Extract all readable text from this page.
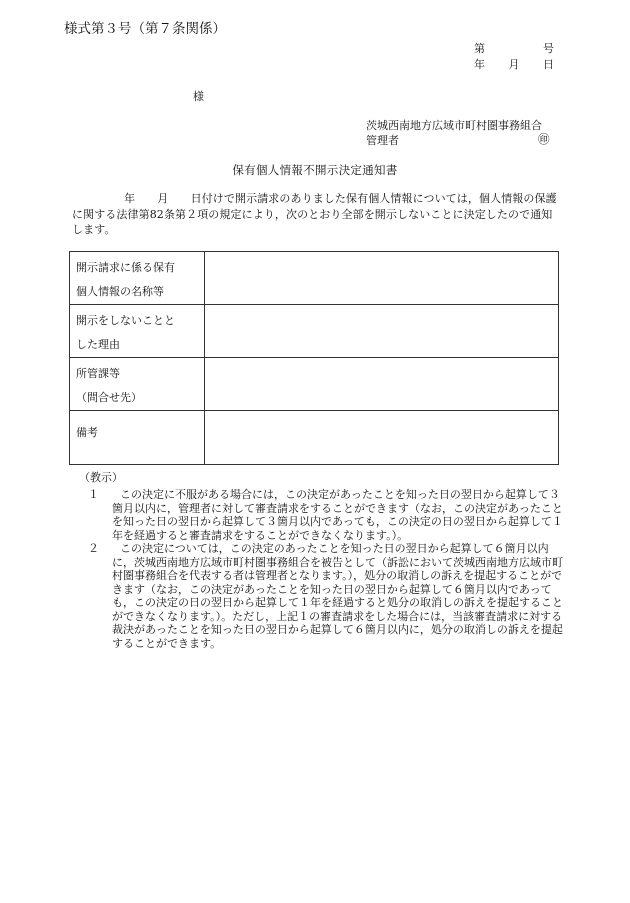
様式第３号（第７条関係）
第	号
年 月 日
様
茨城西南地方広域市町村圏事務組合
管理者	㊞
保有個人情報不開示決定通知書
年　　月　　日付けで開示請求のありました保有個人情報については，個人情報の保護に関する法律第82条第２項の規定により，次のとおり全部を開示しないことに決定したので通知します。
開示請求に係る保有
個人情報の名称等	

開示をしないことと
した理由	

所管課等
（問合せ先）	

備考	

（教示）
１	この決定に不服がある場合には，この決定があったことを知った日の翌日から起算して３箇月以内に，管理者に対して審査請求をすることができます（なお，この決定があったことを知った日の翌日から起算して３箇月以内であっても，この決定の日の翌日から起算して１年を経過すると審査請求をすることができなくなります。）。
２	この決定については，この決定のあったことを知った日の翌日から起算して６箇月以内に，茨城西南地方広域市町村圏事務組合を被告として（訴訟において茨城西南地方広域市町村圏事務組合を代表する者は管理者となります。），処分の取消しの訴えを提起することができます（なお，この決定があったことを知った日の翌日から起算して６箇月以内であっても，この決定の日の翌日から起算して１年を経過すると処分の取消しの訴えを提起することができなくなります。）。ただし，上記１の審査請求をした場合には，当該審査請求に対する裁決があったことを知った日の翌日から起算して６箇月以内に，処分の取消しの訴えを提起することができます。
